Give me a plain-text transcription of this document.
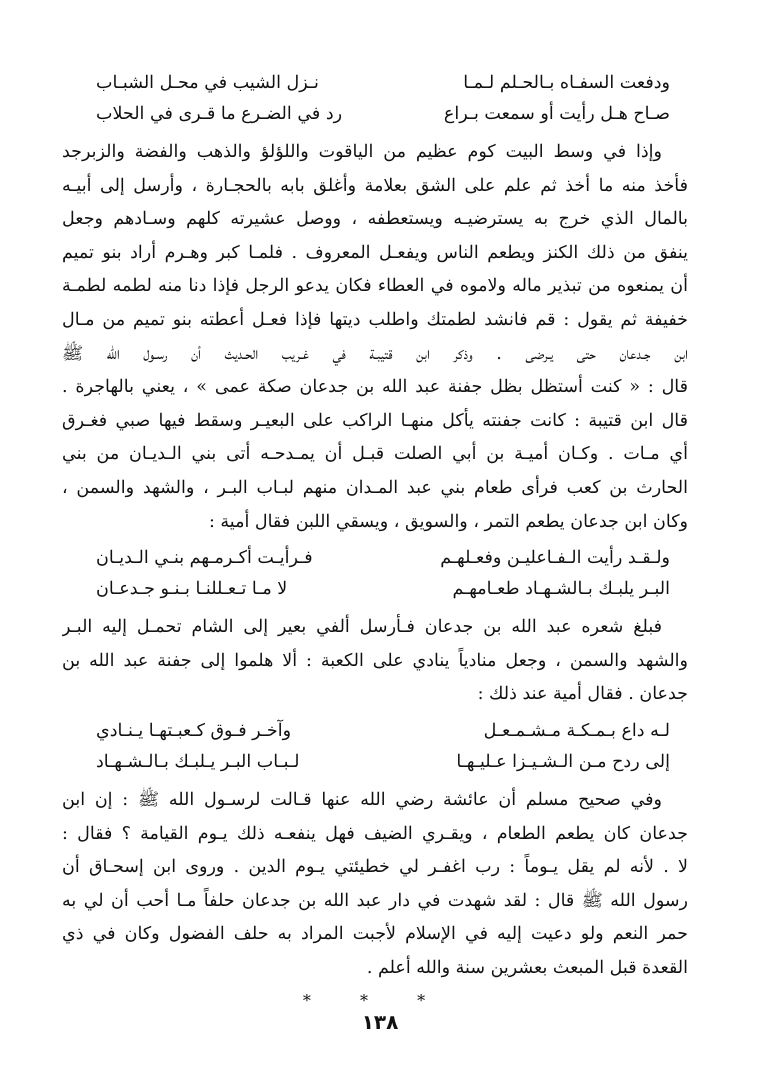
ودفعت السفـاه بـالحـلم لـمـا
نـزل الشيب في محـل الشبـاب
صـاح هـل رأيت أو سمعت بـراع
رد في الضـرع ما قـرى في الحلاب
وإذا في وسط البيت كوم عظيم من الياقوت واللؤلؤ والذهب والفضة والزبرجد
فأخذ منه ما أخذ ثم علم على الشق بعلامة وأغلق بابه بالحجـارة ، وأرسل إلى أبيـه
بالمال الذي خرج به يسترضيـه ويستعطفه ، ووصل عشيرته كلهم وسـادهم وجعل
ينفق من ذلك الكنز ويطعم الناس ويفعـل المعروف . فلمـا كبر وهـرم أراد بنو تميم
أن يمنعوه من تبذير ماله ولاموه في العطاء فكان يدعو الرجل فإذا دنا منه لطمه لطمـة
خفيفة ثم يقول : قم فانشد لطمتك واطلب ديتها فإذا فعـل أعطته بنو تميم من مـال
ابن جـدعان حتى يـرضى . وذكر ابن قتيبـة في غـريب الحـديث أن رسـول الله ﷺ
قال : « كنت أستظل بظل جفنة عبد الله بن جدعان صكة عمى » ، يعني بالهاجرة .
قال ابن قتيبة : كانت جفنته يأكل منهـا الراكب على البعيـر وسقط فيها صبي فغـرق
أي مـات . وكـان أميـة بن أبي الصلت قبـل أن يمـدحـه أتى بني الـديـان من بني
الحارث بن كعب فرأى طعام بني عبد المـدان منهم لبـاب البـر ، والشهد والسمن ،
وكان ابن جدعان يطعم التمر ، والسويق ، ويسقي اللبن فقال أمية :
ولـقـد رأيت الـفـاعليـن وفعـلهـم
فـرأيـت أكـرمـهم بنـي الـديـان
البـر يلبـك بـالشـهـاد طعـامهـم
لا مـا تـعـللنـا بـنـو جـدعـان
فبلغ شعره عبد الله بن جدعان فـأرسل ألفي بعير إلى الشام تحمـل إليه البـر
والشهد والسمن ، وجعل منادياً ينادي على الكعبة : ألا هلموا إلى جفنة عبد الله بن
جدعان . فقال أمية عند ذلك :
لـه داع بـمـكـة مـشـمـعـل
وآخـر فـوق كـعبـتهـا يـنـادي
إلى ردح مـن الـشـيـزا عـليـهـا
لـبـاب البـر يـلبـك بـالـشـهـاد
وفي صحيح مسلم أن عائشة رضي الله عنها قـالت لرسـول الله ﷺ : إن ابن
جدعان كان يطعم الطعام ، ويقـري الضيف فهل ينفعـه ذلك يـوم القيامة ؟ فقال :
لا . لأنه لم يقل يـوماً : رب اغفـر لي خطيئتي يـوم الدين . وروى ابن إسحـاق أن
رسول الله ﷺ قال : لقد شهدت في دار عبد الله بن جدعان حلفاً مـا أحب أن لي به
حمر النعم ولو دعيت إليه في الإسلام لأجبت المراد به حلف الفضول وكان في ذي
القعدة قبل المبعث بعشرين سنة والله أعلم .
* * *
١٣٨
